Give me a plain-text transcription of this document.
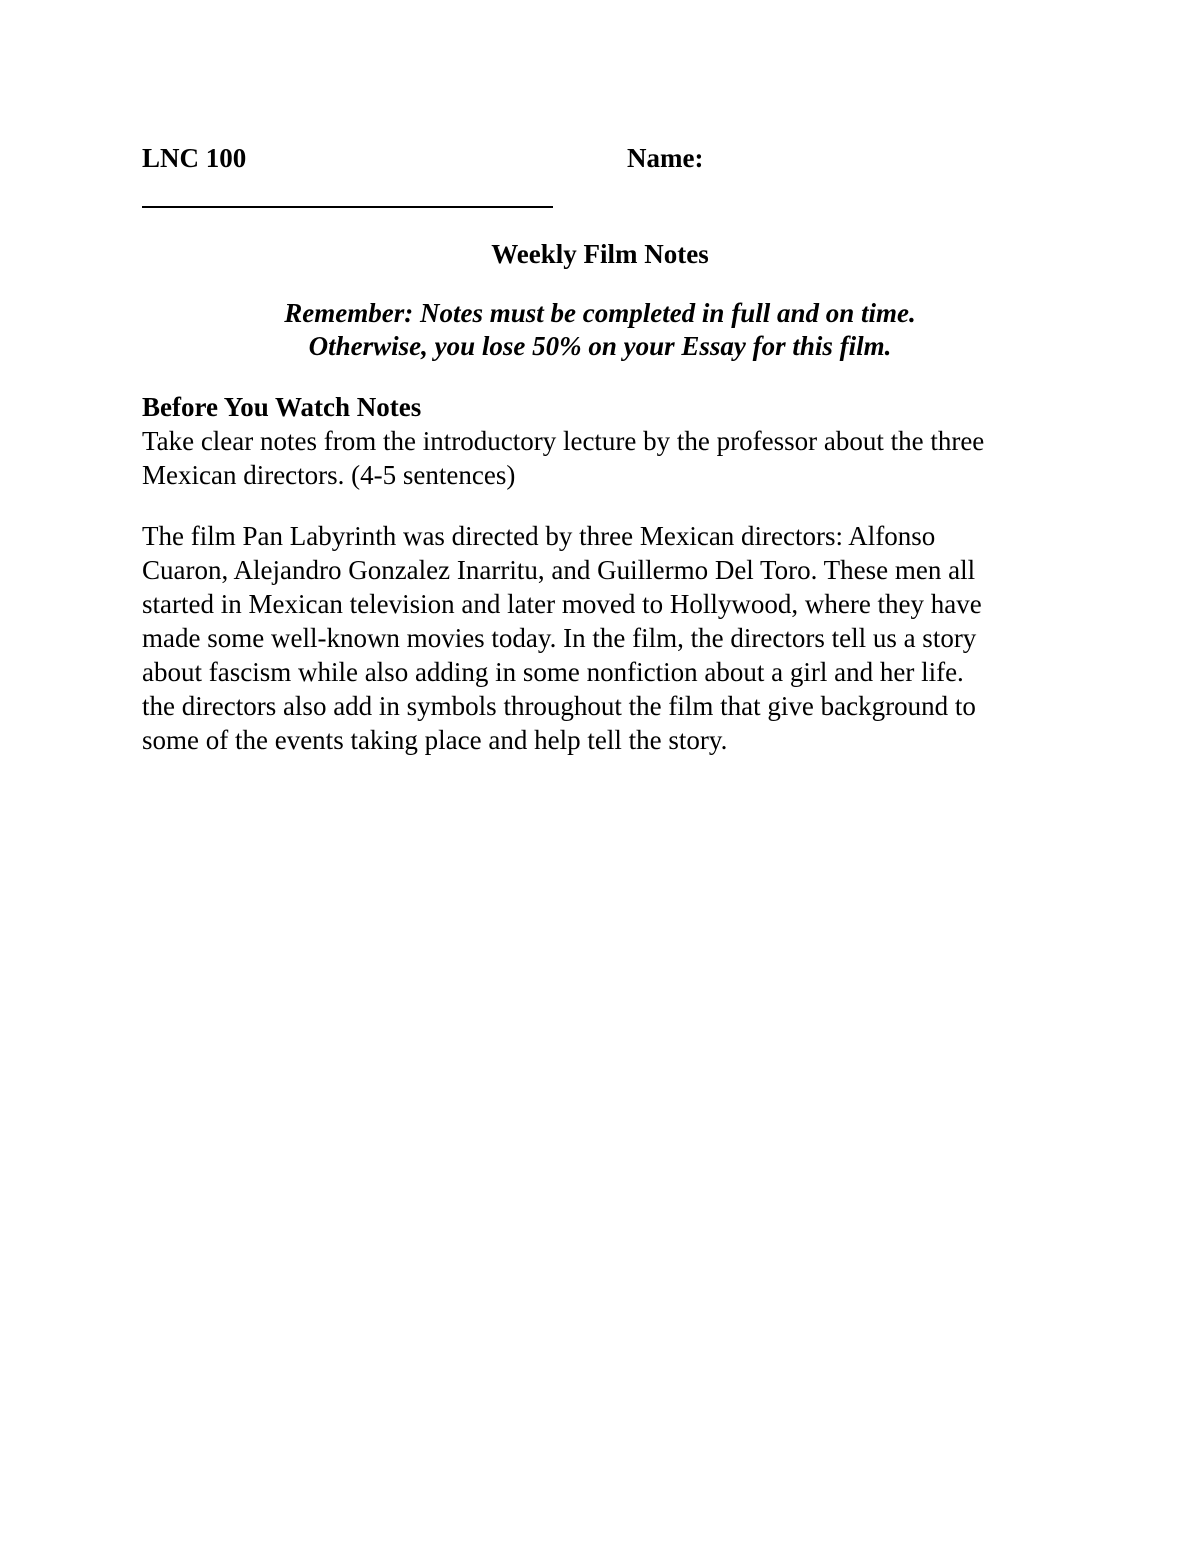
LNC 100	Name:
Weekly Film Notes
Remember: Notes must be completed in full and on time.
Otherwise, you lose 50% on your Essay for this film.
Before You Watch Notes
Take clear notes from the introductory lecture by the professor about the three
Mexican directors. (4-5 sentences)
The film Pan Labyrinth was directed by three Mexican directors: Alfonso
Cuaron, Alejandro Gonzalez Inarritu, and Guillermo Del Toro. These men all
started in Mexican television and later moved to Hollywood, where they have
made some well-known movies today. In the film, the directors tell us a story
about fascism while also adding in some nonfiction about a girl and her life.
the directors also add in symbols throughout the film that give background to
some of the events taking place and help tell the story.
